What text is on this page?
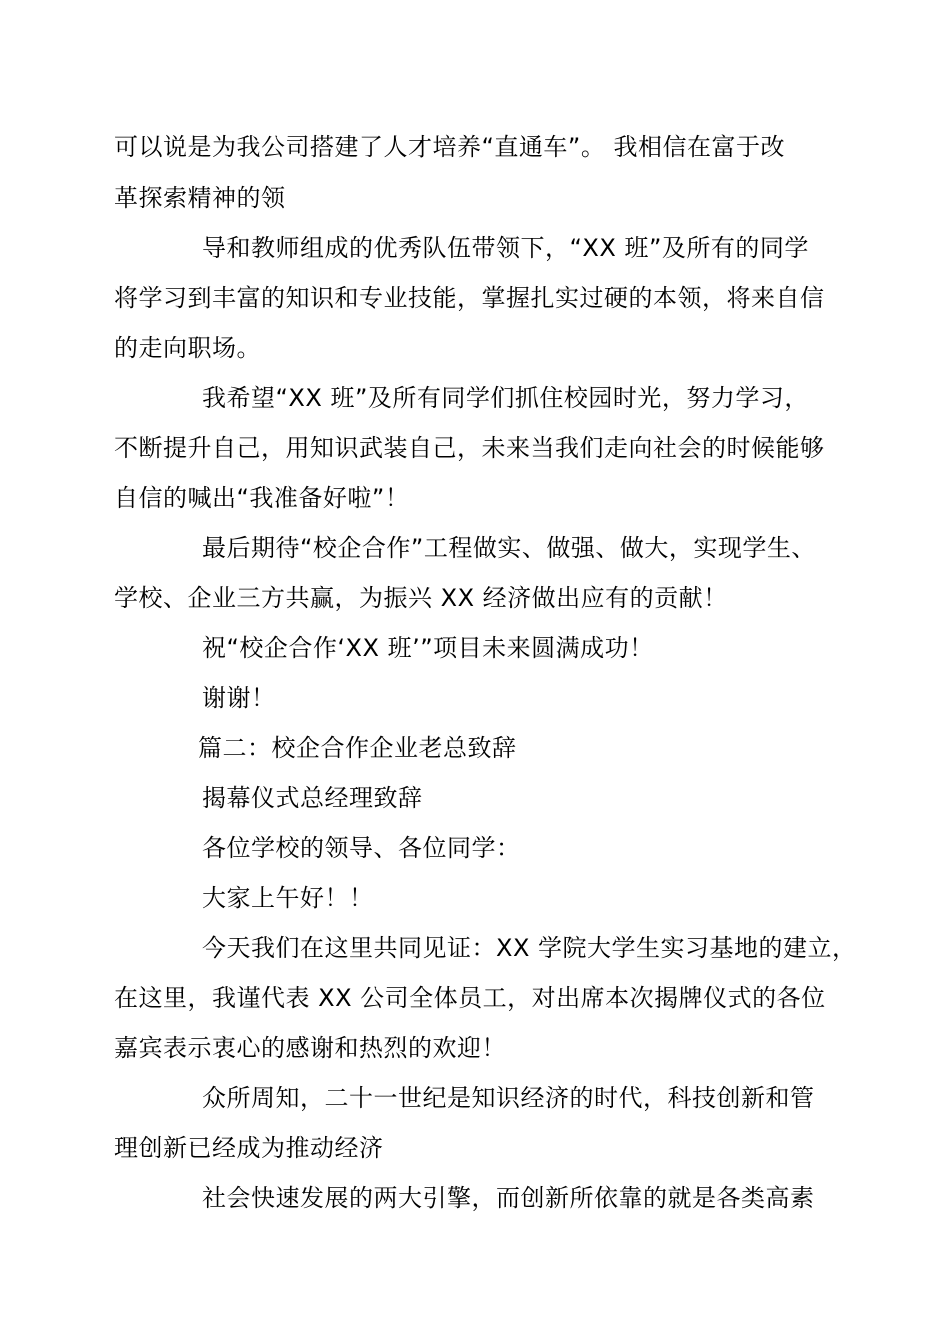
可以说是为我公司搭建了人才培养“直通车”。 我相信在富于改
革探索精神的领
导和教师组成的优秀队伍带领下，“XX 班”及所有的同学
将学习到丰富的知识和专业技能，掌握扎实过硬的本领，将来自信
的走向职场。
我希望“XX 班”及所有同学们抓住校园时光，努力学习，
不断提升自己，用知识武装自己，未来当我们走向社会的时候能够
自信的喊出“我准备好啦”！
最后期待“校企合作”工程做实、做强、做大，实现学生、
学校、企业三方共赢，为振兴 XX 经济做出应有的贡献！
祝“校企合作‘XX 班’”项目未来圆满成功！
谢谢！
篇二：校企合作企业老总致辞
揭幕仪式总经理致辞
各位学校的领导、各位同学：
大家上午好！！
今天我们在这里共同见证：XX 学院大学生实习基地的建立，
在这里，我谨代表 XX 公司全体员工，对出席本次揭牌仪式的各位
嘉宾表示衷心的感谢和热烈的欢迎！
众所周知，二十一世纪是知识经济的时代，科技创新和管
理创新已经成为推动经济
社会快速发展的两大引擎，而创新所依靠的就是各类高素
